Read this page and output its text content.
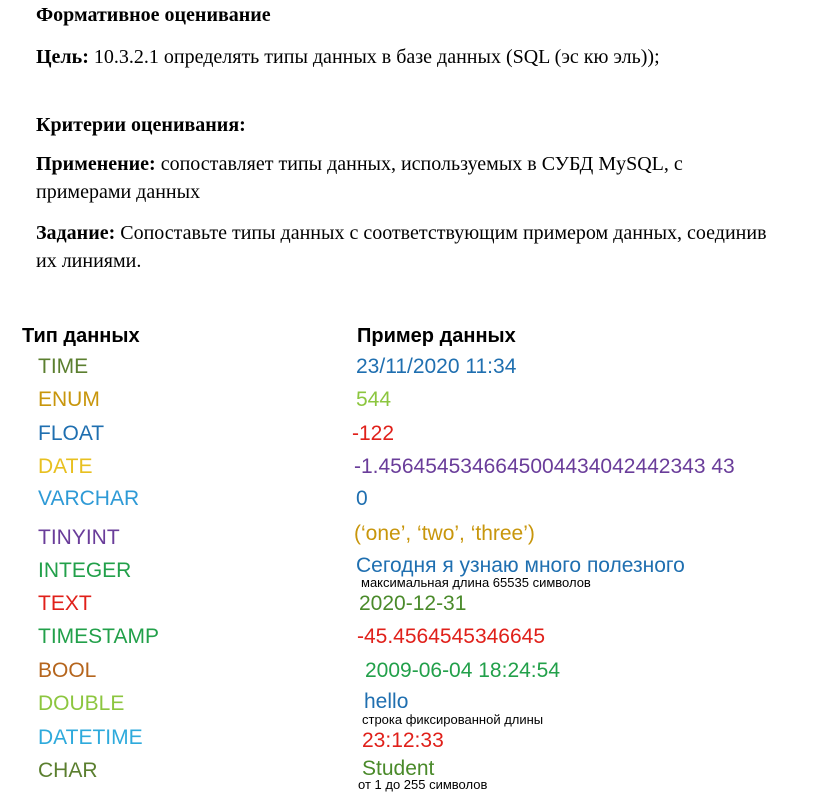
Формативное оценивание
Цель: 10.3.2.1 определять типы данных в базе данных (SQL (эс кю эль));
Критерии оценивания:
Применение: сопоставляет типы данных, используемых в СУБД MySQL, с примерами данных
Задание: Сопоставьте типы данных с соответствующим примером данных, соединив их линиями.
Тип данных	Пример данных
TIME
ENUM
FLOAT
DATE
VARCHAR
TINYINT
INTEGER
TEXT
TIMESTAMP
BOOL
DOUBLE
DATETIME
CHAR
23/11/2020 11:34
544
-122
-1.4564545346645004434042442343 43
0
(‘one’, ‘two’, ‘three’)
Сегодня я узнаю много полезного
максимальная длина 65535 символов
2020-12-31
-45.4564545346645
2009-06-04 18:24:54
hello
строка фиксированной длины
23:12:33
Student
от 1 до 255 символов
